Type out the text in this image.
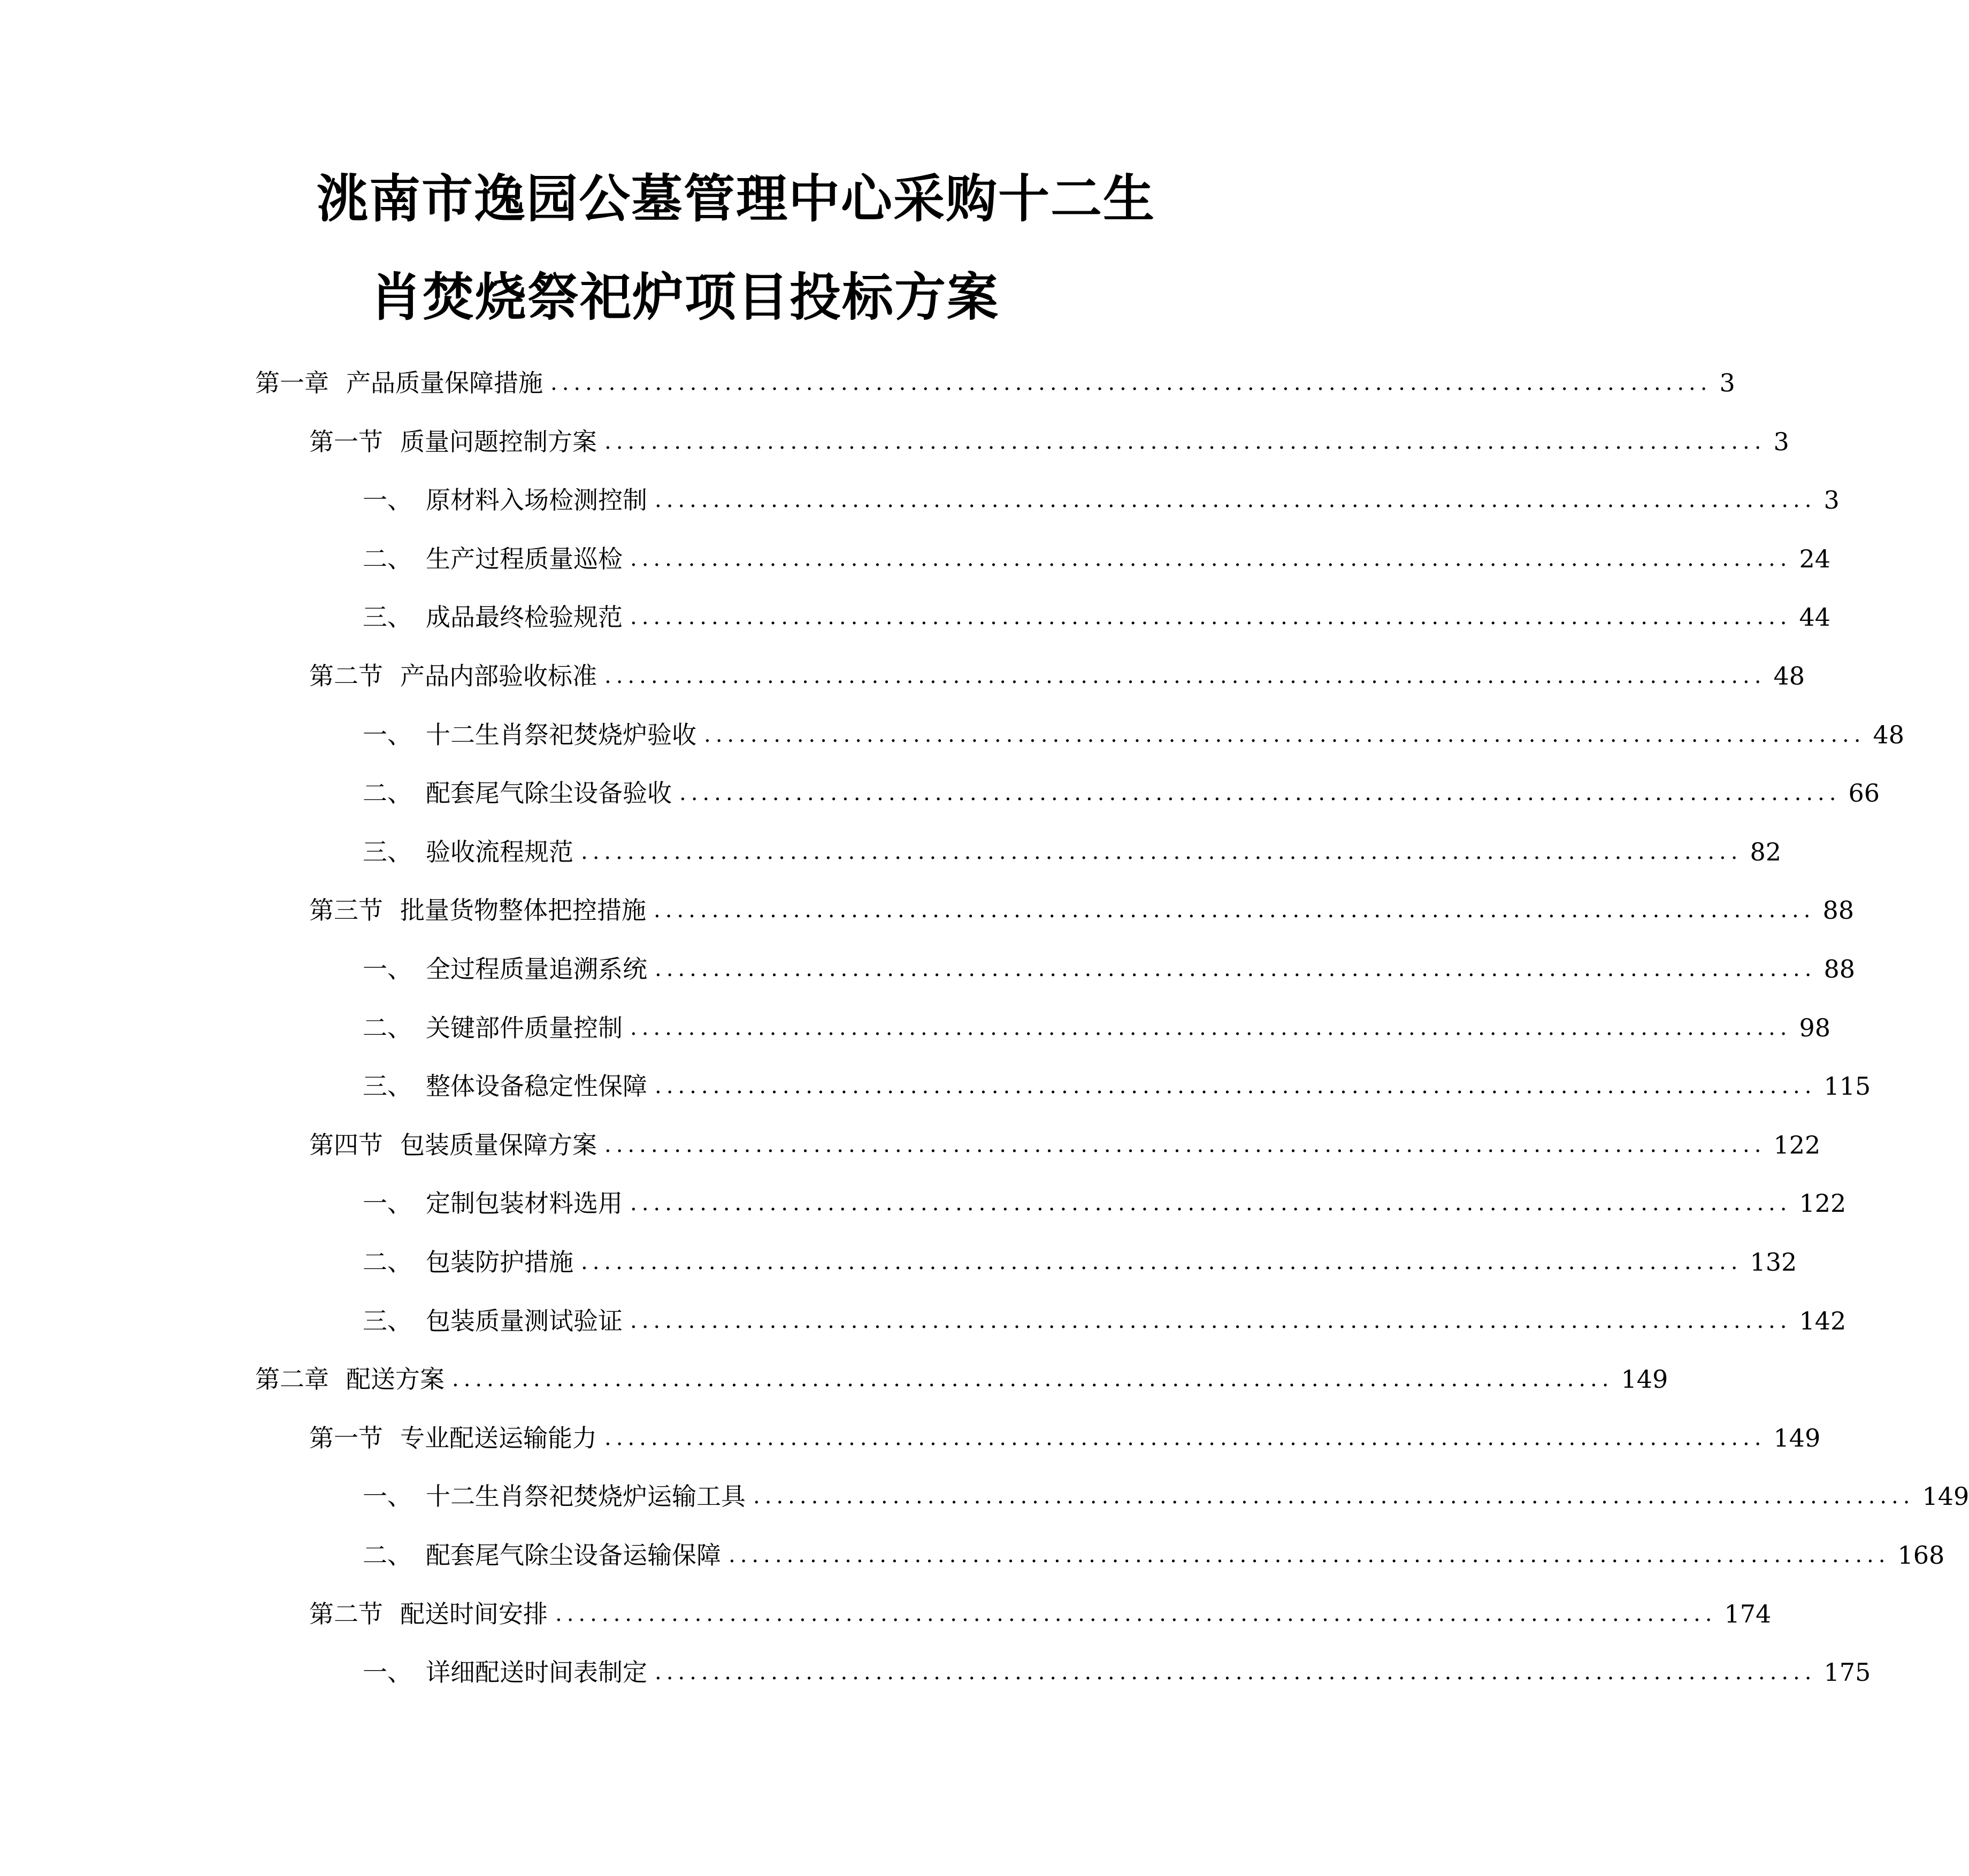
洮南市逸园公墓管理中心采购十二生
肖焚烧祭祀炉项目投标方案
第一章 产品质量保障措施 .................................................................................................... 3
第一节 质量问题控制方案 .................................................................................................... 3
一、 原材料入场检测控制 .................................................................................................... 3
二、 生产过程质量巡检 .................................................................................................... 24
三、 成品最终检验规范 .................................................................................................... 44
第二节 产品内部验收标准 .................................................................................................... 48
一、 十二生肖祭祀焚烧炉验收 .................................................................................................... 48
二、 配套尾气除尘设备验收 .................................................................................................... 66
三、 验收流程规范 .................................................................................................... 82
第三节 批量货物整体把控措施 .................................................................................................... 88
一、 全过程质量追溯系统 .................................................................................................... 88
二、 关键部件质量控制 .................................................................................................... 98
三、 整体设备稳定性保障 .................................................................................................... 115
第四节 包装质量保障方案 .................................................................................................... 122
一、 定制包装材料选用 .................................................................................................... 122
二、 包装防护措施 .................................................................................................... 132
三、 包装质量测试验证 .................................................................................................... 142
第二章 配送方案 .................................................................................................... 149
第一节 专业配送运输能力 .................................................................................................... 149
一、 十二生肖祭祀焚烧炉运输工具 .................................................................................................... 149
二、 配套尾气除尘设备运输保障 .................................................................................................... 168
第二节 配送时间安排 .................................................................................................... 174
一、 详细配送时间表制定 .................................................................................................... 175
